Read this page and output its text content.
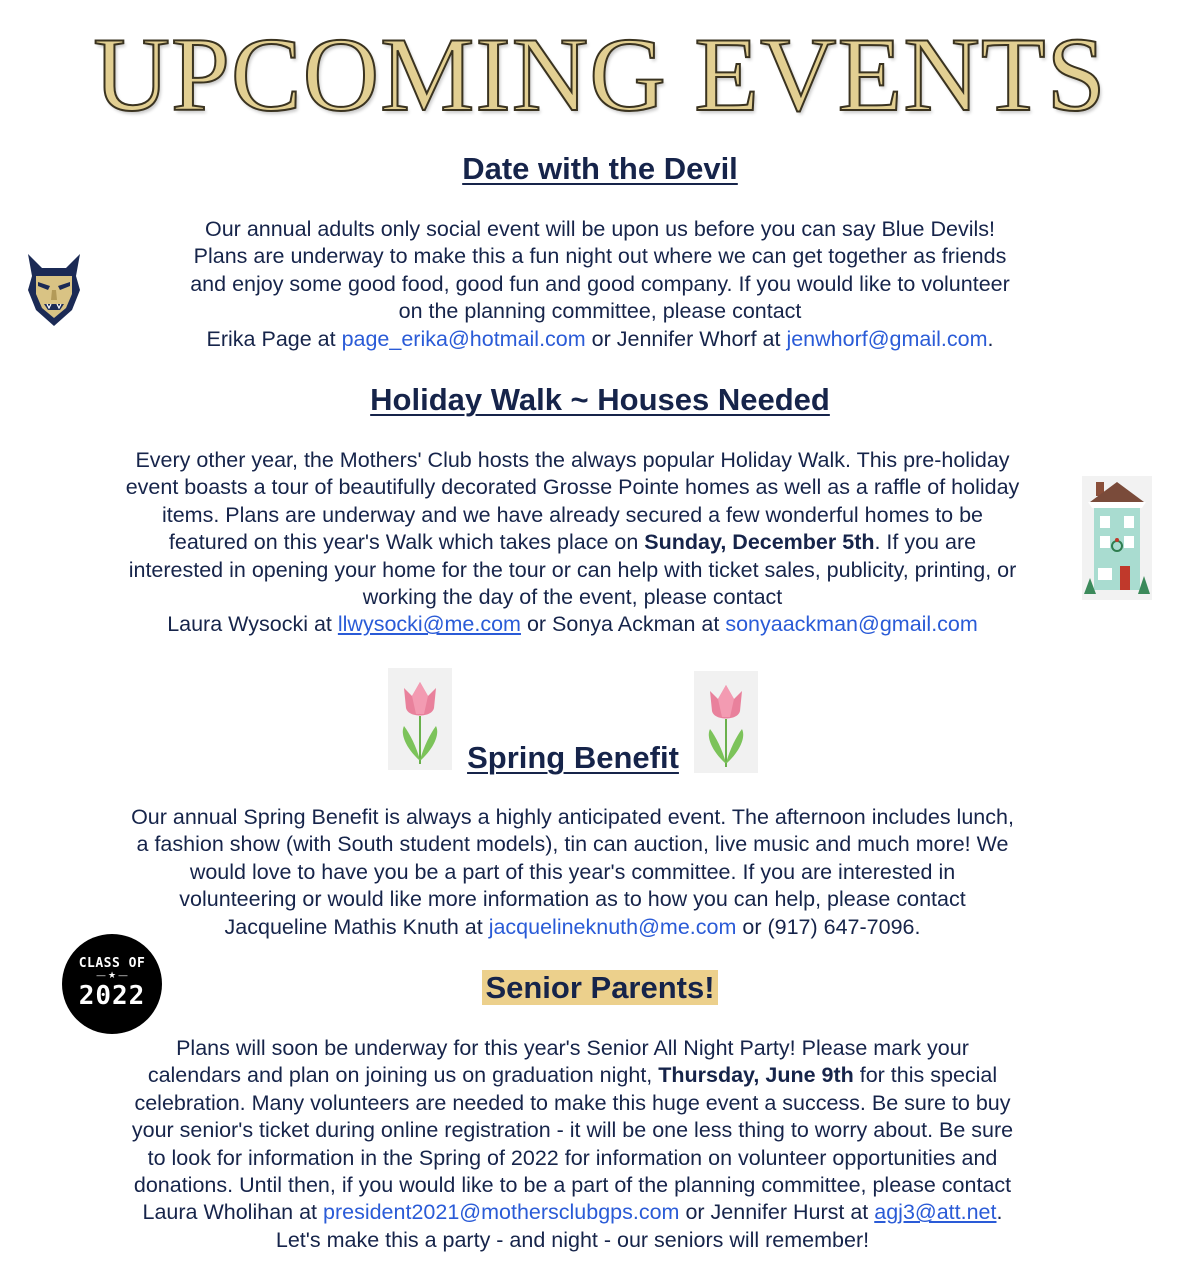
UPCOMING EVENTS
Date with the Devil
Our annual adults only social event will be upon us before you can say Blue Devils!
Plans are underway to make this a fun night out where we can get together as friends
and enjoy some good food, good fun and good company. If you would like to volunteer
on the planning committee, please contact
Erika Page at page_erika@hotmail.com or Jennifer Whorf at jenwhorf@gmail.com.
Holiday Walk ~ Houses Needed
Every other year, the Mothers' Club hosts the always popular Holiday Walk. This pre-holiday
event boasts a tour of beautifully decorated Grosse Pointe homes as well as a raffle of holiday
items. Plans are underway and we have already secured a few wonderful homes to be
featured on this year's Walk which takes place on Sunday, December 5th. If you are
interested in opening your home for the tour or can help with ticket sales, publicity, printing, or
working the day of the event, please contact
Laura Wysocki at llwysocki@me.com or Sonya Ackman at sonyaackman@gmail.com
Spring Benefit
Our annual Spring Benefit is always a highly anticipated event. The afternoon includes lunch,
a fashion show (with South student models), tin can auction, live music and much more! We
would love to have you be a part of this year's committee. If you are interested in
volunteering or would like more information as to how you can help, please contact
Jacqueline Mathis Knuth at jacquelineknuth@me.com or (917) 647-7096.
CLASS OF
— ★ —
2022	Senior Parents!
Plans will soon be underway for this year's Senior All Night Party! Please mark your
calendars and plan on joining us on graduation night, Thursday, June 9th for this special
celebration. Many volunteers are needed to make this huge event a success. Be sure to buy
your senior's ticket during online registration - it will be one less thing to worry about. Be sure
to look for information in the Spring of 2022 for information on volunteer opportunities and
donations. Until then, if you would like to be a part of the planning committee, please contact
Laura Wholihan at president2021@mothersclubgps.com or Jennifer Hurst at agj3@att.net.
Let's make this a party - and night - our seniors will remember!
